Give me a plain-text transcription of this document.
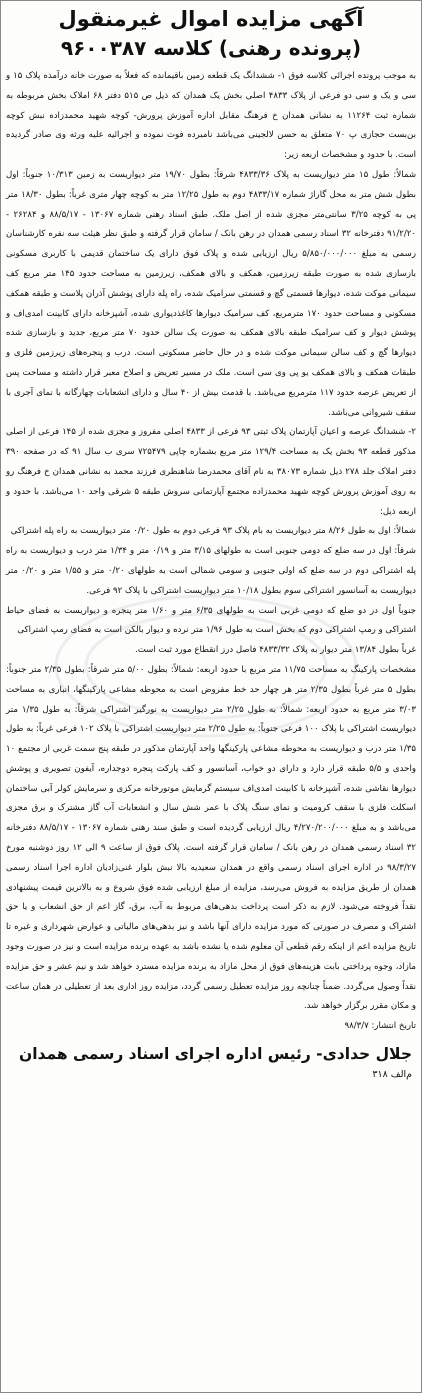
آگهی مزایده اموال غیرمنقول
(پرونده رهنی) کلاسه ۹۶۰۰۳۸۷

به موجب پرونده اجرائی کلاسه فوق ۱- ششدانگ یک قطعه زمین باقیمانده که فعلاً به صورت خانه درآمده پلاک ۱۵ و سی و یک و سی دو فرعی از پلاک ۴۸۳۳ اصلی بخش یک همدان که ذیل ص ۵۱۵ دفتر ۶۸ املاک بخش مربوطه به شماره ثبت ۱۱۲۶۴ به نشانی همدان خ فرهنگ مقابل اداره آموزش پرورش- کوچه شهید محمدزاده نبش کوچه بن‌بست حجازی پ ۷۰ متعلق به حسن لالجینی می‌باشد نامبرده فوت نموده و اجرائیه علیه ورثه وی صادر گردیده است. با حدود و مشخصات اربعه زیر:

شمالاً: طول ۱۵ متر دیواریست به پلاک ۴۸۳۳/۳۶ شرقاً: بطول ۱۹/۷۰ متر دیواریست به زمین ۱۰/۳۱۳ جنوباً: اول بطول شش متر به محل گاراژ شماره ۴۸۳۳/۱۷ دوم به طول ۱۲/۲۵ متر به کوچه چهار متری غرباً: بطول ۱۸/۳۰ متر پی به کوچه ۳/۲۵ سانتی‌متر مجزی شده از اصل ملک. طبق اسناد رهنی شماره ۱۳۰۶۷ - ۸۸/۵/۱۷ و ۲۶۲۸۴ - ۹۱/۲/۲۰ دفترخانه ۳۲ اسناد رسمی همدان در رهن بانک / سامان قرار گرفته و طبق نظر هیئت سه نفره کارشناسان رسمی به مبلغ ۵/۸۵۰/۰۰۰/۰۰۰ ریال ارزیابی شده و پلاک فوق دارای یک ساختمان قدیمی با کاربری مسکونی بازسازی شده به صورت طبقه زیرزمین، همکف و بالای همکف، زیرزمین به مساحت حدود ۱۴۵ متر مربع کف سیمانی موکت شده، دیوارها قسمتی گچ و قسمتی سرامیک شده، راه پله دارای پوشش آذران پلاست و طبقه همکف مسکونی و مساحت حدود ۱۷۰ مترمربع، کف سرامیک دیوارها کاغذدیواری شده، آشپزخانه دارای کابینت امدی‌اف و پوشش دیوار و کف سرامیک طبقه بالای همکف به صورت یک سالن حدود ۷۰ متر مربع، جدید و بازسازی شده دیوارها گچ و کف سالن سیمانی موکت شده و در حال حاضر مسکونی است. درب و پنجره‌های زیرزمین فلزی و طبقات همکف و بالای همکف یو پی وی سی است. ملک در مسیر تعریض و اصلاح معبر قرار داشته و مساحت پس از تعریض عرصه حدود ۱۱۷ مترمربع می‌باشد. با قدمت بیش از ۴۰ سال و دارای انشعابات چهارگانه با نمای آجری با سقف شیروانی می‌باشد.

۲- ششدانگ عرصه و اعیان آپارتمان پلاک ثبتی ۹۳ فرعی از ۴۸۳۳ اصلی مفروز و مجزی شده از ۱۴۵ فرعی از اصلی مذکور قطعه ۹۳ بخش یک به مساحت ۱۲۹/۴ متر مربع بشماره چاپی ۷۲۵۴۷۹ سری ب سال ۹۱ که در صفحه ۳۹۰ دفتر املاک جلد ۲۷۸ ذیل شماره ۳۸۰۷۳ به نام آقای محمدرضا شاهنظری فرزند محمد به نشانی همدان خ فرهنگ رو به روی آموزش پرورش کوچه شهید محمدزاده مجتمع آپارتمانی سروش طبقه ۵ شرقی واحد ۱۰ می‌باشد. با حدود و اربعه ذیل:

شمالاً: اول به طول ۸/۲۶ متر دیواریست به بام پلاک ۹۳ فرعی دوم به طول ۰/۲۰ متر دیواریست به راه پله اشتراکی

شرقاً: اول در سه ضلع که دومی جنوبی است به طولهای ۳/۱۵ متر و ۰/۱۹ متر و ۱/۳۴ متر درب و دیواریست به راه پله اشتراکی دوم در سه ضلع که اولی جنوبی و سومی شمالی است به طولهای ۰/۲۰ متر و ۱/۵۵ متر و ۰/۲۰ متر دیواریست به آسانسور اشتراکی سوم بطول ۱۰/۱۸ متر دیواریست اشتراکی با پلاک ۹۲ فرعی.

جنوباً اول در دو ضلع که دومی غربی است به طولهای ۶/۳۵ متر و ۱/۶۰ متر پنجره و دیواریست به فضای حیاط اشتراکی و رمپ اشتراکی دوم که بخش است به طول ۱/۹۶ متر نرده و دیوار بالکن است به فضای رمپ اشتراکی

غرباً بطول ۱۳/۸۴ متر دیوار به پلاک ۴۸۳۳/۳۲ فاصل درز انقطاع مورد ثبت است.

مشخصات پارکینگ به مساحت ۱۱/۷۵ متر مربع با حدود اربعه: شمالاً: بطول ۵/۰۰ متر شرقاً: بطول ۲/۳۵ متر جنوباً: بطول ۵ متر غرباً بطول ۲/۳۵ متر هر چهار حد خط مفروض است به محوطه مشاعی پارکینگها، انباری به مساحت ۳/۰۳ متر مربع به حدود اربعه: شمالاً: به طول ۲/۲۵ متر دیواریست به نورگیر اشتراکی شرقاً: به طول ۱/۳۵ متر دیواریست اشتراکی با پلاک ۱۰۰ فرعی جنوباً: به طول ۲/۲۵ متر دیواریست اشتراکی با پلاک ۱۰۲ فرعی غرباً: به طول ۱/۳۵ متر درب و دیواریست به محوطه مشاعی پارکینگها واحد آپارتمان مذکور در طبقه پنج سمت غربی از مجتمع ۱۰ واحدی و ۵/۵ طبقه قرار دارد و دارای دو خواب، آسانسور و کف پارکت پنجره دوجداره، آیفون تصویری و پوشش دیوارها نقاشی شده، آشپزخانه با کابینت امدی‌اف سیستم گرمایش موتورخانه مرکزی و سرمایش کولر آبی ساختمان اسکلت فلزی با سقف کرومیت و نمای سنگ پلاک با عمر شش سال و انشعابات آب گاز مشترک و برق مجزی می‌باشد و به مبلغ ۴/۲۷۰/۲۰۰/۰۰۰ ریال ارزیابی گردیده است و طبق سند رهنی شماره ۱۳۰۶۷ - ۸۸/۵/۱۷ دفترخانه ۳۲ اسناد رسمی همدان در رهن بانک / سامان قرار گرفته است. پلاک فوق از ساعت ۹ الی ۱۲ روز دوشنبه مورخ ۹۸/۳/۲۷ در اداره اجرای اسناد رسمی واقع در همدان سعیدیه بالا نبش بلوار غنی‌زادیان اداره اجرا اسناد رسمی همدان از طریق مزایده به فروش می‌رسد، مزایده از مبلغ ارزیابی شده فوق شروع و به بالاترین قیمت پیشنهادی نقداً فروخته می‌شود. لازم به ذکر است پرداخت بدهی‌های مربوط به آب، برق، گاز اعم از حق انشعاب و یا حق اشتراک و مصرف در صورتی که مورد مزایده دارای آنها باشد و نیز بدهی‌های مالیاتی و عوارض شهرداری و غیره تا تاریخ مزایده اعم از اینکه رقم قطعی آن معلوم شده یا نشده باشد به عهده برنده مزایده است و نیز در صورت وجود مازاد، وجوه پرداختی بابت هزینه‌های فوق از محل مازاد به برنده مزایده مسترد خواهد شد و نیم عشر و حق مزایده نقداً وصول می‌گردد. ضمناً چنانچه روز مزایده تعطیل رسمی گردد، مزایده روز اداری بعد از تعطیلی در همان ساعت و مکان مقرر برگزار خواهد شد.

تاریخ انتشار: ۹۸/۳/۷

جلال حدادی- رئیس اداره اجرای اسناد رسمی همدان
م‌الف ۳۱۸
